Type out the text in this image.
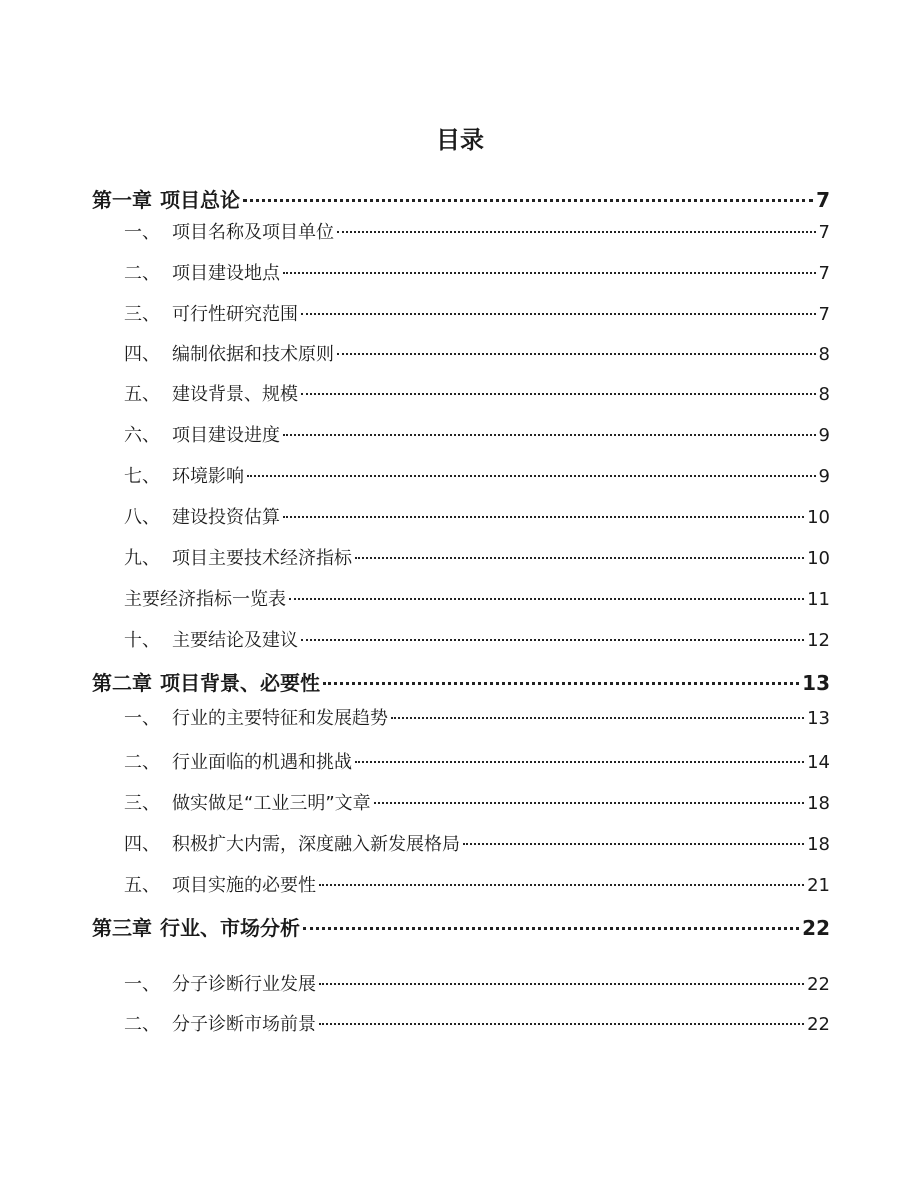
目录
第一章 项目总论	7
一、 项目名称及项目单位	7
二、 项目建设地点	7
三、 可行性研究范围	7
四、 编制依据和技术原则	8
五、 建设背景、规模	8
六、 项目建设进度	9
七、 环境影响	9
八、 建设投资估算	10
九、 项目主要技术经济指标	10
主要经济指标一览表	11
十、 主要结论及建议	12
第二章 项目背景、必要性	13
一、 行业的主要特征和发展趋势	13
二、 行业面临的机遇和挑战	14
三、 做实做足“工业三明”文章	18
四、 积极扩大内需，深度融入新发展格局	18
五、 项目实施的必要性	21
第三章 行业、市场分析	22
一、 分子诊断行业发展	22
二、 分子诊断市场前景	22
